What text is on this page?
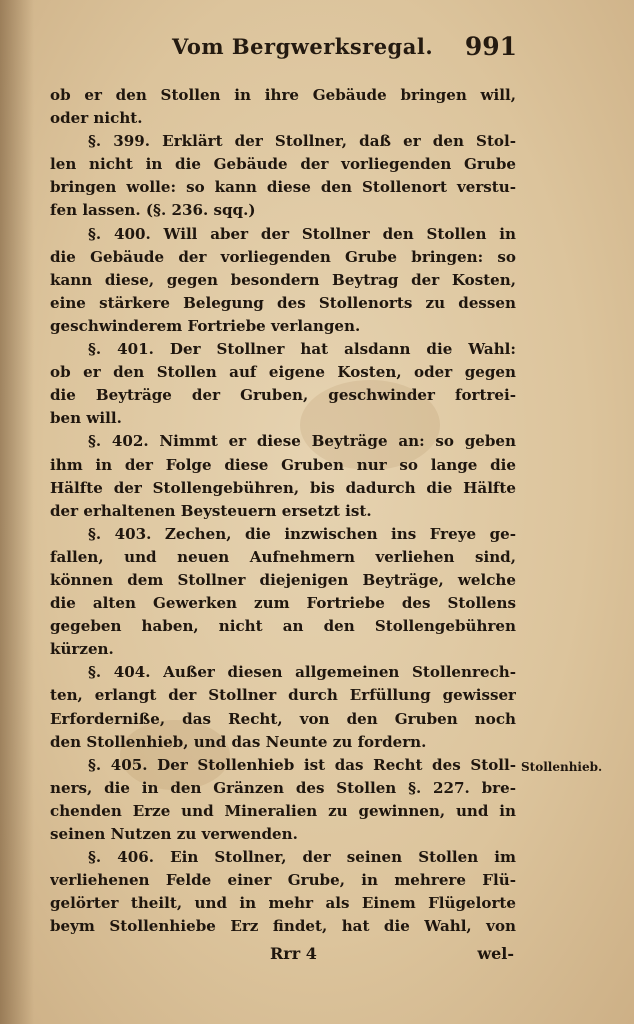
Vom Bergwerksregal. 991
ob er den Stollen in ihre Gebäude bringen will,
oder nicht.
§. 399. Erklärt der Stollner, daß er den Stol-
len nicht in die Gebäude der vorliegenden Grube
bringen wolle: so kann diese den Stollenort verstu-
fen lassen. (§. 236. sqq.)
§. 400. Will aber der Stollner den Stollen in
die Gebäude der vorliegenden Grube bringen: so
kann diese, gegen besondern Beytrag der Kosten,
eine stärkere Belegung des Stollenorts zu dessen
geschwinderem Fortriebe verlangen.
§. 401. Der Stollner hat alsdann die Wahl:
ob er den Stollen auf eigene Kosten, oder gegen
die Beyträge der Gruben, geschwinder fortrei-
ben will.
§. 402. Nimmt er diese Beyträge an: so geben
ihm in der Folge diese Gruben nur so lange die
Hälfte der Stollengebühren, bis dadurch die Hälfte
der erhaltenen Beysteuern ersetzt ist.
§. 403. Zechen, die inzwischen ins Freye ge-
fallen, und neuen Aufnehmern verliehen sind,
können dem Stollner diejenigen Beyträge, welche
die alten Gewerken zum Fortriebe des Stollens
gegeben haben, nicht an den Stollengebühren
kürzen.
§. 404. Außer diesen allgemeinen Stollenrech-
ten, erlangt der Stollner durch Erfüllung gewisser
Erforderniße, das Recht, von den Gruben noch
den Stollenhieb, und das Neunte zu fordern.
§. 405. Der Stollenhieb ist das Recht des Stoll-
ners, die in den Gränzen des Stollen §. 227. bre-
chenden Erze und Mineralien zu gewinnen, und in
seinen Nutzen zu verwenden.
§. 406. Ein Stollner, der seinen Stollen im
verliehenen Felde einer Grube, in mehrere Flü-
gelörter theilt, und in mehr als Einem Flügelorte
beym Stollenhiebe Erz findet, hat die Wahl, von
Stollenhieb.
Rrr 4	wel-
